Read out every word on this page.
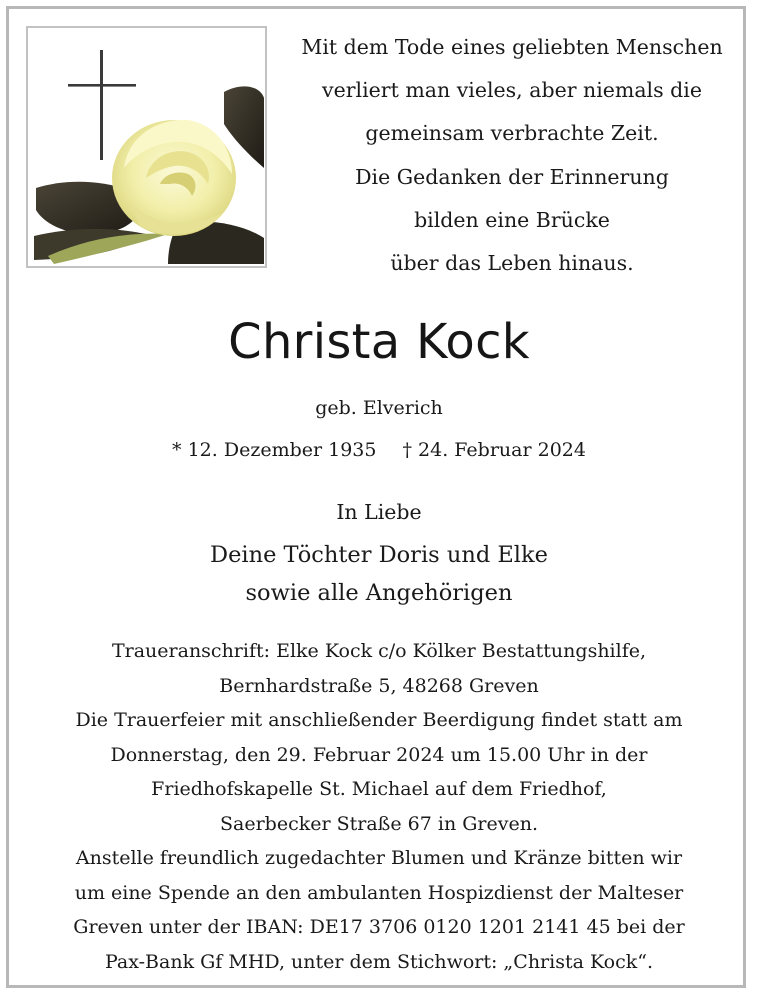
Mit dem Tode eines geliebten Menschen
verliert man vieles, aber niemals die
gemeinsam verbrachte Zeit.
Die Gedanken der Erinnerung
bilden eine Brücke
über das Leben hinaus.
Christa Kock
geb. Elverich
* 12. Dezember 1935 † 24. Februar 2024
In Liebe
Deine Töchter Doris und Elke
sowie alle Angehörigen
Traueranschrift: Elke Kock c/o Kölker Bestattungshilfe,
Bernhardstraße 5, 48268 Greven
Die Trauerfeier mit anschließender Beerdigung findet statt am
Donnerstag, den 29. Februar 2024 um 15.00 Uhr in der
Friedhofskapelle St. Michael auf dem Friedhof,
Saerbecker Straße 67 in Greven.
Anstelle freundlich zugedachter Blumen und Kränze bitten wir
um eine Spende an den ambulanten Hospizdienst der Malteser
Greven unter der IBAN: DE17 3706 0120 1201 2141 45 bei der
Pax-Bank Gf MHD, unter dem Stichwort: „Christa Kock“.
